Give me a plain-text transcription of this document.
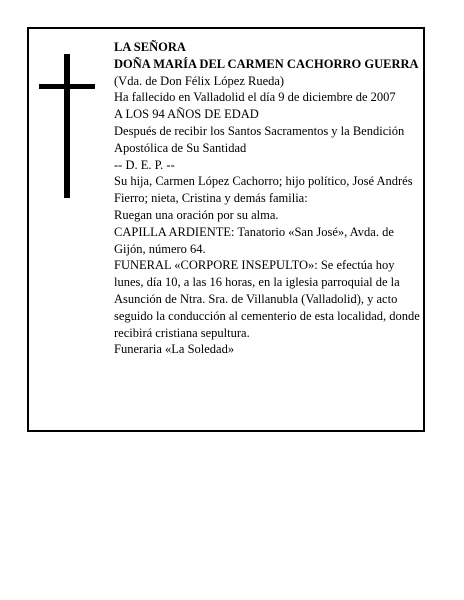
LA SEÑORA

DOÑA MARÍA DEL CARMEN CACHORRO GUERRA

(Vda. de Don Félix López Rueda)

Ha fallecido en Valladolid el día 9 de diciembre de 2007

A LOS 94 AÑOS DE EDAD

Después de recibir los Santos Sacramentos y la Bendición Apostólica de Su Santidad

-- D. E. P. --

Su hija, Carmen López Cachorro; hijo político, José Andrés Fierro; nieta, Cristina y demás familia:

Ruegan una oración por su alma.

CAPILLA ARDIENTE: Tanatorio «San José», Avda. de Gijón, número 64.

FUNERAL «CORPORE INSEPULTO»: Se efectúa hoy lunes, día 10, a las 16 horas, en la iglesia parroquial de la Asunción de Ntra. Sra. de Villanubla (Valladolid), y acto seguido la conducción al cementerio de esta localidad, donde recibirá cristiana sepultura.

Funeraria «La Soledad»
